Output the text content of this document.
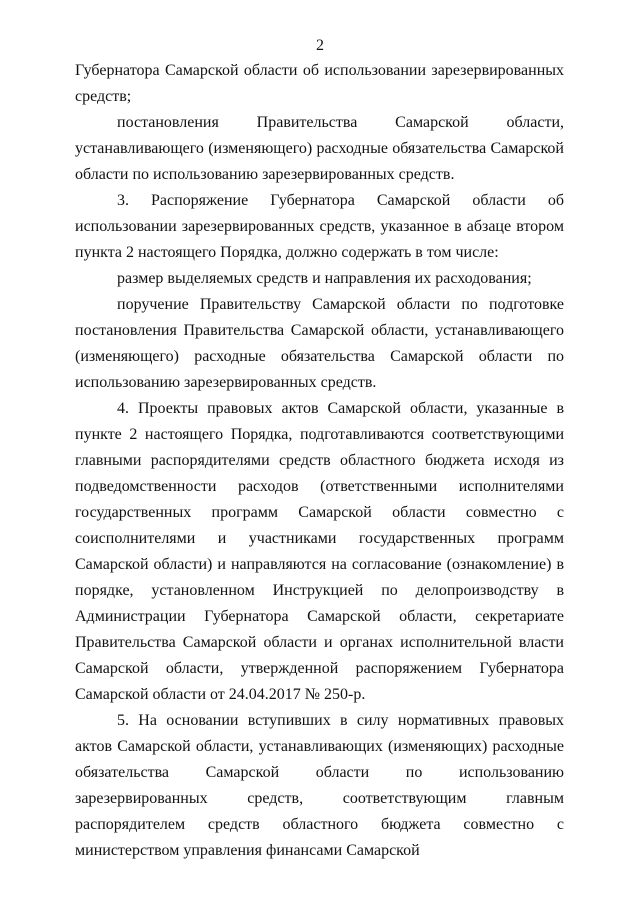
2

Губернатора Самарской области об использовании зарезервированных средств;

постановления Правительства Самарской области, устанавливающего (изменяющего) расходные обязательства Самарской области по использованию зарезервированных средств.

3. Распоряжение Губернатора Самарской области об использовании зарезервированных средств, указанное в абзаце втором пункта 2 настоящего Порядка, должно содержать в том числе:

размер выделяемых средств и направления их расходования;

поручение Правительству Самарской области по подготовке постановления Правительства Самарской области, устанавливающего (изменяющего) расходные обязательства Самарской области по использованию зарезервированных средств.

4. Проекты правовых актов Самарской области, указанные в пункте 2 настоящего Порядка, подготавливаются соответствующими главными распорядителями средств областного бюджета исходя из подведомственности расходов (ответственными исполнителями государственных программ Самарской области совместно с соисполнителями и участниками государственных программ Самарской области) и направляются на согласование (ознакомление) в порядке, установленном Инструкцией по делопроизводству в Администрации Губернатора Самарской области, секретариате Правительства Самарской области и органах исполнительной власти Самарской области, утвержденной распоряжением Губернатора Самарской области от 24.04.2017 № 250-р.

5. На основании вступивших в силу нормативных правовых актов Самарской области, устанавливающих (изменяющих) расходные обязательства Самарской области по использованию зарезервированных средств, соответствующим главным распорядителем средств областного бюджета совместно с министерством управления финансами Самарской
